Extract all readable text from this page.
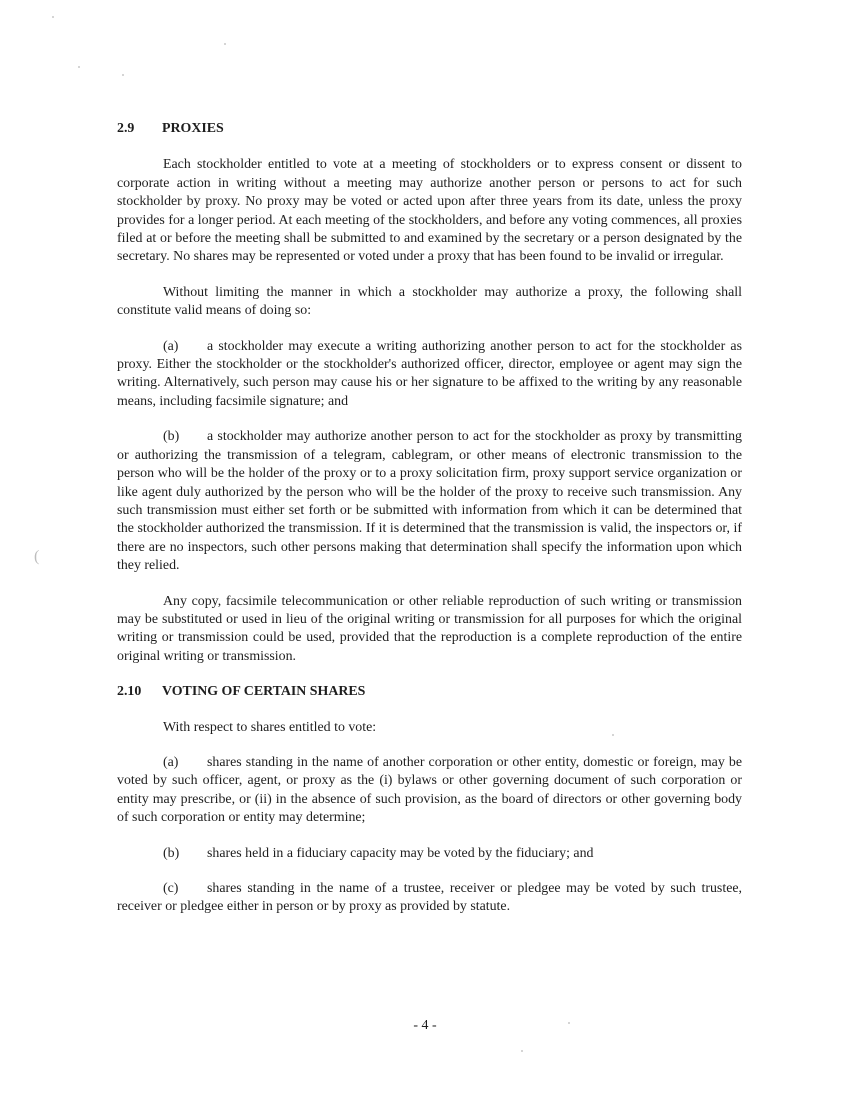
(
2.9 PROXIES

Each stockholder entitled to vote at a meeting of stockholders or to express consent or dissent to corporate action in writing without a meeting may authorize another person or persons to act for such stockholder by proxy. No proxy may be voted or acted upon after three years from its date, unless the proxy provides for a longer period. At each meeting of the stockholders, and before any voting commences, all proxies filed at or before the meeting shall be submitted to and examined by the secretary or a person designated by the secretary. No shares may be represented or voted under a proxy that has been found to be invalid or irregular.

Without limiting the manner in which a stockholder may authorize a proxy, the following shall constitute valid means of doing so:

(a) a stockholder may execute a writing authorizing another person to act for the stockholder as proxy. Either the stockholder or the stockholder's authorized officer, director, employee or agent may sign the writing. Alternatively, such person may cause his or her signature to be affixed to the writing by any reasonable means, including facsimile signature; and

(b) a stockholder may authorize another person to act for the stockholder as proxy by transmitting or authorizing the transmission of a telegram, cablegram, or other means of electronic transmission to the person who will be the holder of the proxy or to a proxy solicitation firm, proxy support service organization or like agent duly authorized by the person who will be the holder of the proxy to receive such transmission. Any such transmission must either set forth or be submitted with information from which it can be determined that the stockholder authorized the transmission. If it is determined that the transmission is valid, the inspectors or, if there are no inspectors, such other persons making that determination shall specify the information upon which they relied.

Any copy, facsimile telecommunication or other reliable reproduction of such writing or transmission may be substituted or used in lieu of the original writing or transmission for all purposes for which the original writing or transmission could be used, provided that the reproduction is a complete reproduction of the entire original writing or transmission.

2.10 VOTING OF CERTAIN SHARES

With respect to shares entitled to vote:

(a) shares standing in the name of another corporation or other entity, domestic or foreign, may be voted by such officer, agent, or proxy as the (i) bylaws or other governing document of such corporation or entity may prescribe, or (ii) in the absence of such provision, as the board of directors or other governing body of such corporation or entity may determine;

(b) shares held in a fiduciary capacity may be voted by the fiduciary; and

(c) shares standing in the name of a trustee, receiver or pledgee may be voted by such trustee, receiver or pledgee either in person or by proxy as provided by statute.

- 4 -
